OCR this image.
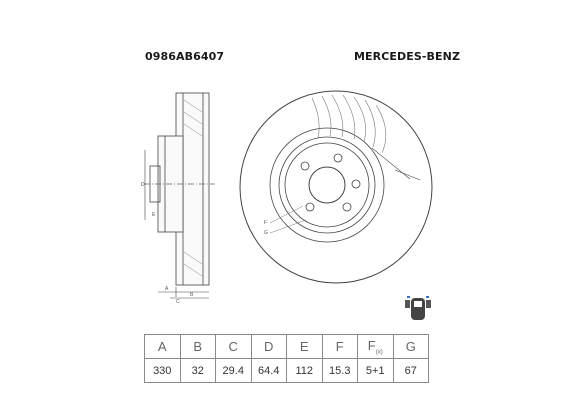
0986AB6407	MERCEDES-BENZ
A
B
C
D
E
F
G
A	B	C	D	E	F	$F_{(x)}$	G
330	32	29.4	64.4	112	15.3	5+1	67
